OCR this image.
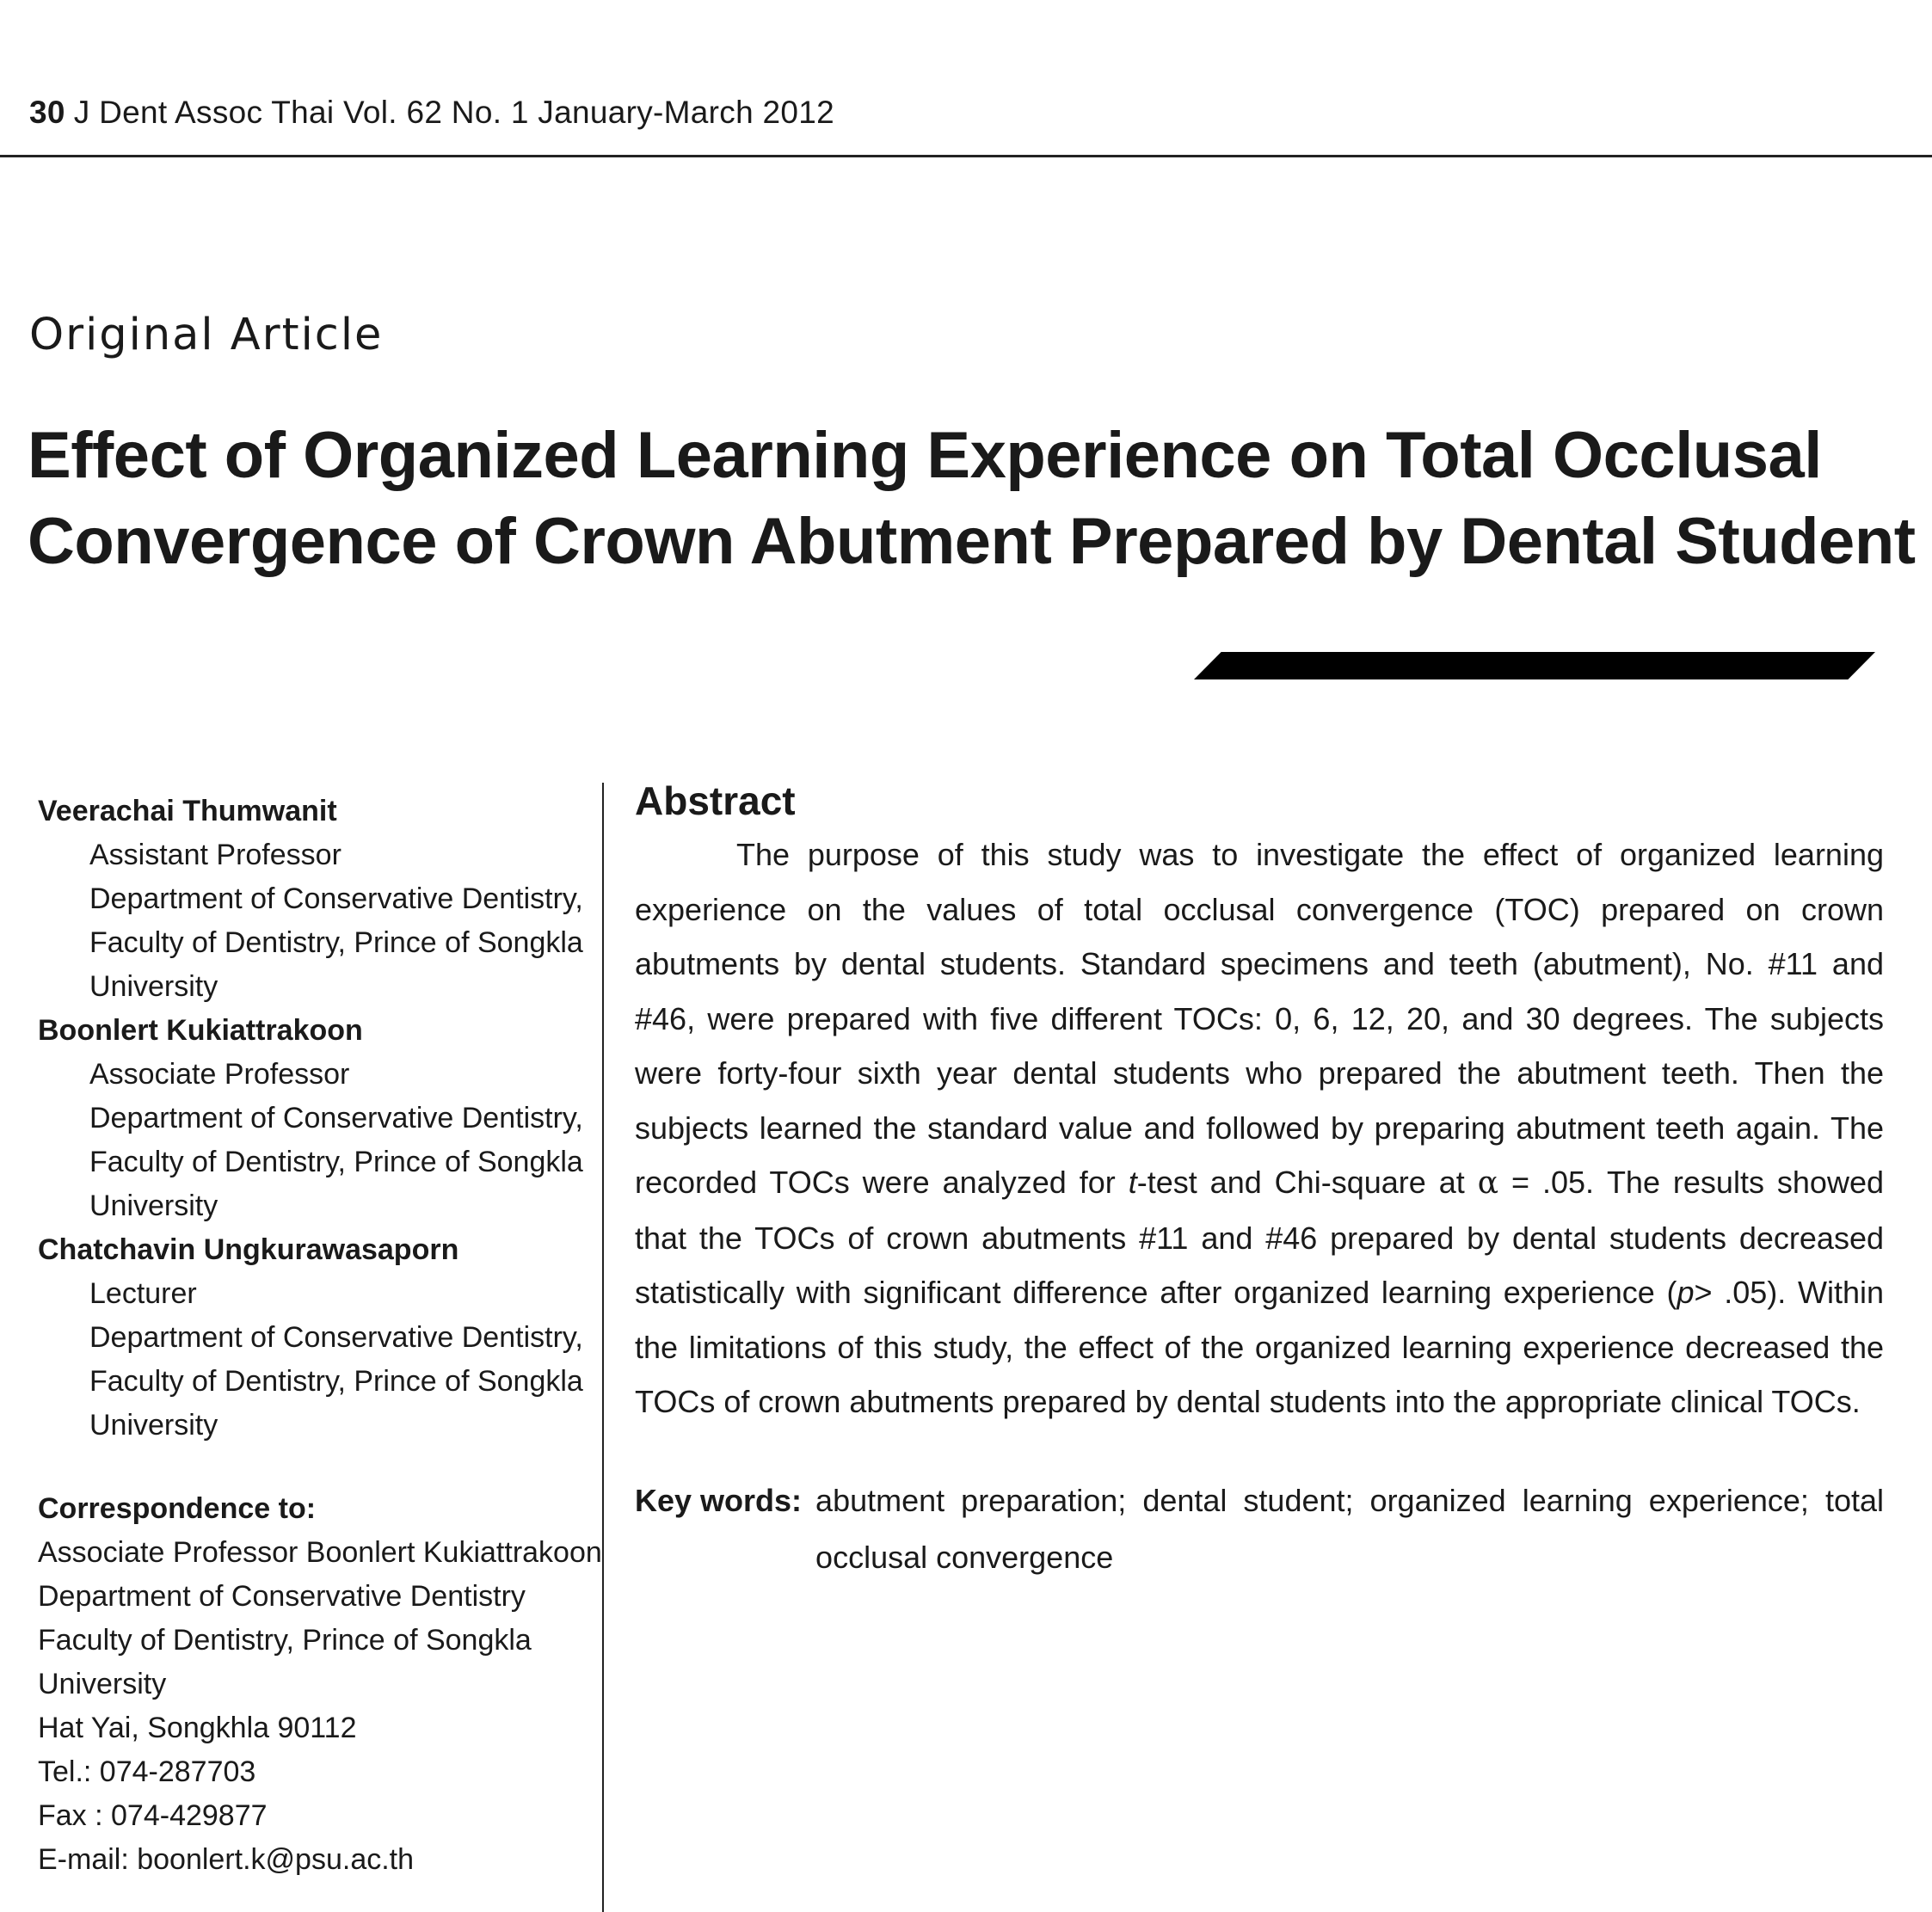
30 J Dent Assoc Thai Vol. 62 No. 1 January-March 2012
Original Article
Effect of Organized Learning Experience on Total Occlusal
Convergence of Crown Abutment Prepared by Dental Student
Veerachai Thumwanit
Assistant Professor
Department of Conservative Dentistry,
Faculty of Dentistry, Prince of Songkla
University
Boonlert Kukiattrakoon
Associate Professor
Department of Conservative Dentistry,
Faculty of Dentistry, Prince of Songkla
University
Chatchavin Ungkurawasaporn
Lecturer
Department of Conservative Dentistry,
Faculty of Dentistry, Prince of Songkla
University
Correspondence to:
Associate Professor Boonlert Kukiattrakoon
Department of Conservative Dentistry
Faculty of Dentistry, Prince of Songkla
University
Hat Yai, Songkhla 90112
Tel.: 074-287703
Fax : 074-429877
E-mail: boonlert.k@psu.ac.th
Abstract

The purpose of this study was to investigate the effect of organized learning experience on the values of total occlusal convergence (TOC) prepared on crown abutments by dental students. Standard specimens and teeth (abutment), No. #11 and #46, were prepared with five different TOCs: 0, 6, 12, 20, and 30 degrees. The subjects were forty-four sixth year dental students who prepared the abutment teeth. Then the subjects learned the standard value and followed by preparing abutment teeth again. The recorded TOCs were analyzed for t-test and Chi-square at α = .05. The results showed that the TOCs of crown abutments #11 and #46 prepared by dental students decreased statistically with significant difference after organized learning experience (p> .05). Within the limitations of this study, the effect of the organized learning experience decreased the TOCs of crown abutments prepared by dental students into the appropriate clinical TOCs.

Key words: abutment preparation; dental student; organized learning experience; total occlusal convergence
